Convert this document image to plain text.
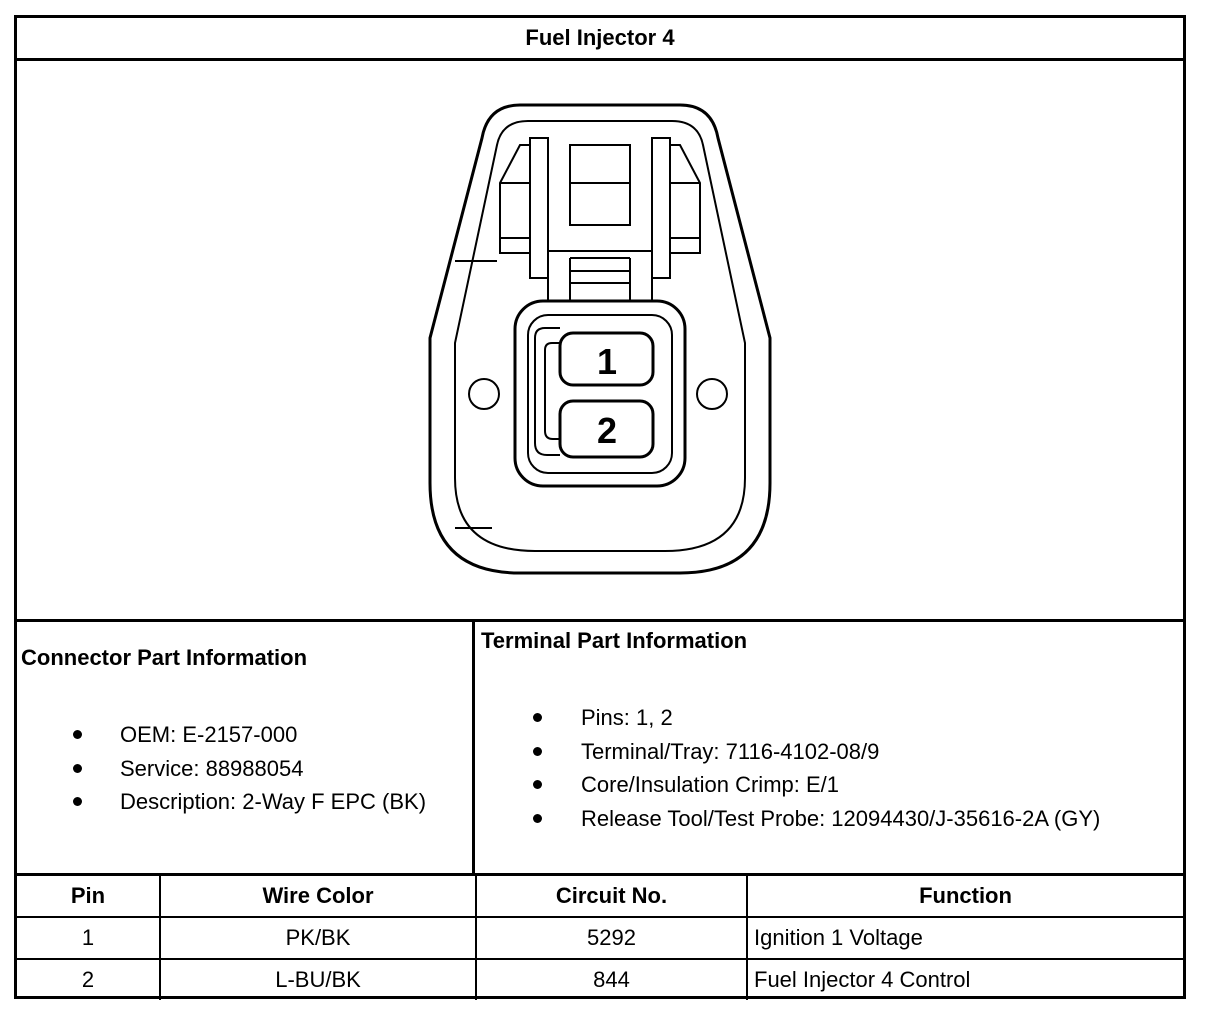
Fuel Injector 4
1
2
Connector Part Information
OEM: E-2157-000
Service: 88988054
Description: 2-Way F EPC (BK)
Terminal Part Information
Pins: 1, 2
Terminal/Tray: 7116-4102-08/9
Core/Insulation Crimp: E/1
Release Tool/Test Probe: 12094430/J-35616-2A (GY)
Pin	Wire Color	Circuit No.	Function
1	PK/BK	5292	Ignition 1 Voltage
2	L-BU/BK	844	Fuel Injector 4 Control
